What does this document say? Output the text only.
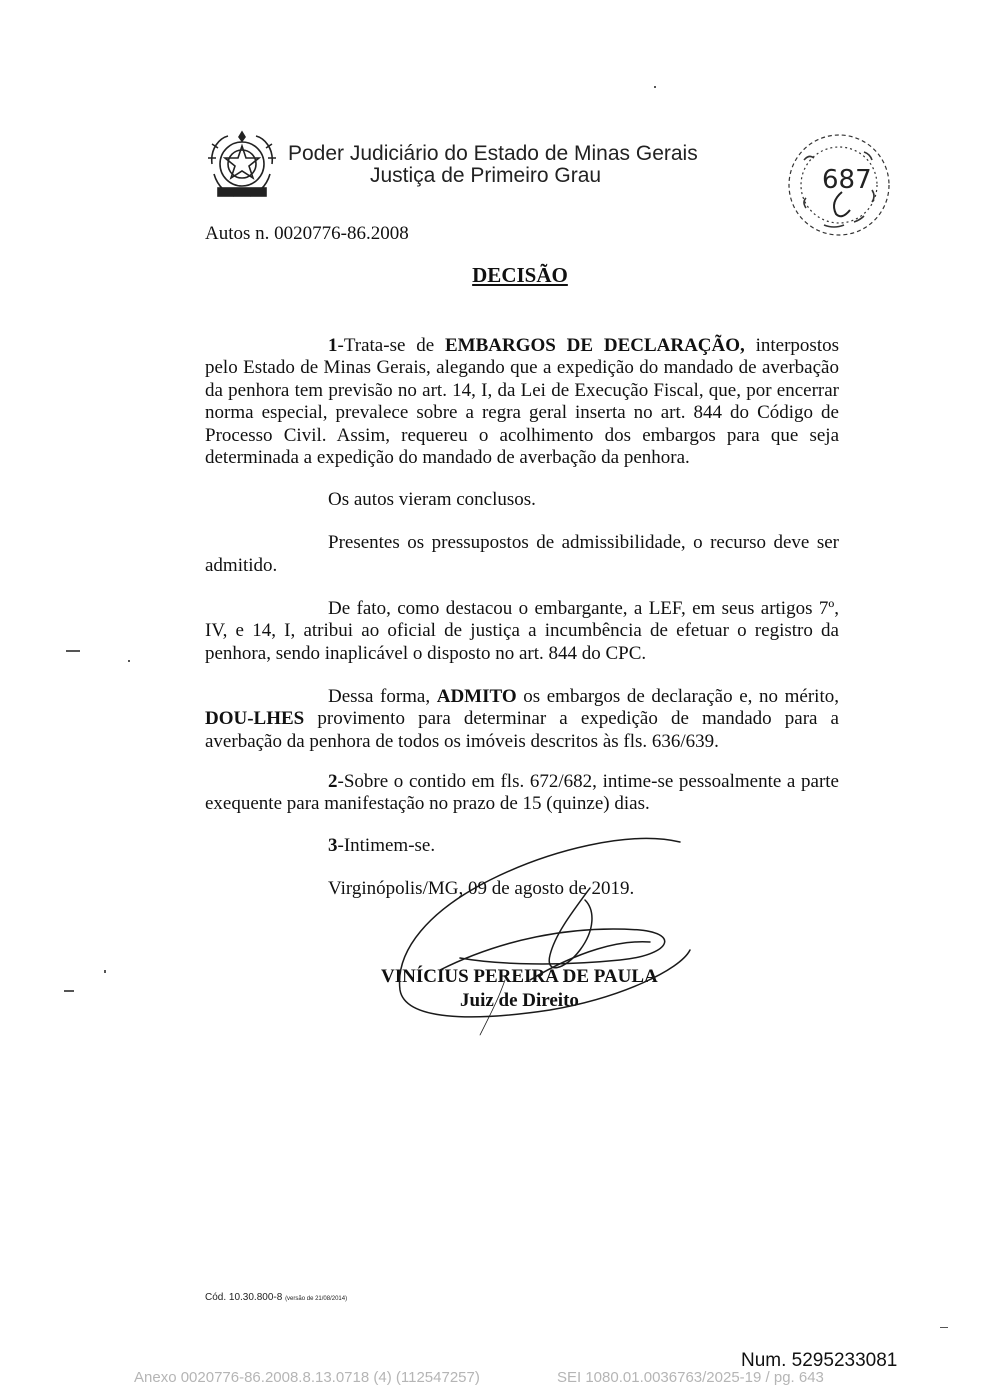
Poder Judiciário do Estado de Minas Gerais
Justiça de Primeiro Grau	687
Autos n. 0020776-86.2008
DECISÃO
1-Trata-se de EMBARGOS DE DECLARAÇÃO, interpostos pelo Estado de Minas Gerais, alegando que a expedição do mandado de averbação da penhora tem previsão no art. 14, I, da Lei de Execução Fiscal, que, por encerrar norma especial, prevalece sobre a regra geral inserta no art. 844 do Código de Processo Civil. Assim, requereu o acolhimento dos embargos para que seja determinada a expedição do mandado de averbação da penhora.
Os autos vieram conclusos.
Presentes os pressupostos de admissibilidade, o recurso deve ser
admitido.
De fato, como destacou o embargante, a LEF, em seus artigos 7º, IV, e 14, I, atribui ao oficial de justiça a incumbência de efetuar o registro da penhora, sendo inaplicável o disposto no art. 844 do CPC.
Dessa forma, ADMITO os embargos de declaração e, no mérito, DOU-LHES provimento para determinar a expedição de mandado para a averbação da penhora de todos os imóveis descritos às fls. 636/639.
2-Sobre o contido em fls. 672/682, intime-se pessoalmente a parte exequente para manifestação no prazo de 15 (quinze) dias.
3-Intimem-se.
Virginópolis/MG, 09 de agosto de 2019.
VINÍCIUS PEREIRA DE PAULA
Juiz de Direito
Cód. 10.30.800-8 (versão de 21/08/2014)
Num. 5295233081
Anexo 0020776-86.2008.8.13.0718 (4) (112547257)	SEI 1080.01.0036763/2025-19 / pg. 643
